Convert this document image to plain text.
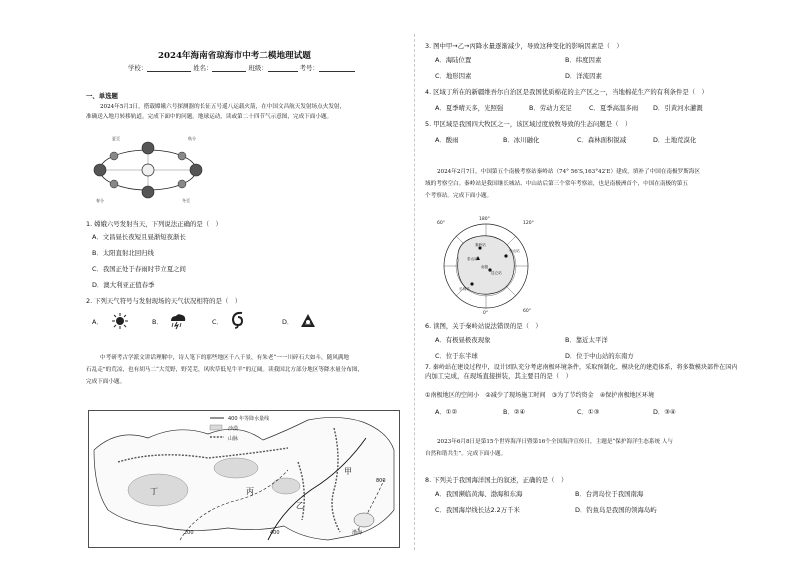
2024年海南省琼海市中考二模地理试题
学校：	姓名：	班级：	考号：
一、单选题
2024年5月3日，搭载嫦娥六号探测器的长征五号遥八运载火箭，在中国文昌航天发射场点火发射，
准确送入地月转移轨道。完成下面中的问题。地球运动，读或第二十四节气示意图，完成下面小题。
夏至	秋分
冬至
春分
1. 嫦娥六号发射当天，下列说法正确的是（　）
A．文昌昼长夜短且昼渐短夜渐长
B．太阳直射北回归线
C．我国正处于春雨时节立夏之间
D．澳大利亚正值春季
2. 下列天气符号与发射现场的天气状况相符的是（　）
A．	B．	C．	D．
中考研考古学派文讲话理解中，诗人笔下的那些地区千八千景，有朱老“一一川碎石大如斗，随风满地
石乱走”的荒凉，也有胡马二“大荒野，野芜芜，风吹草低见牛羊”的辽阔。读我国北方部分地区等降水量分布图，
完成下面小题。
400 年等降水量线
沙漠
山脉
丁	丙
乙
甲
渤海
400
800
200
3. 图中甲→乙→丙降水量逐渐减少，导致这种变化的影响因素是（　）
A．海陆位置	B．纬度因素
C．地形因素	D．洋流因素
4. 区域丁所在的新疆维吾尔自治区是我国优质棉花的主产区之一，当地棉花生产的有利条件是（　）
A．夏季晴天多，光照强	B．劳动力充足	C．夏季高温多雨 D．引黄河水灌溉
5. 甲区域是我国四大牧区之一，该区域过度放牧导致的生态问题是（　）
A．酸雨	B．冰川融化	C．森林面积锐减	D．土地荒漠化
2024年2月7日，中国第五个南极考察站秦岭站（74° 56′S,163°42′E）建成，填补了中国在南极罗斯海区
域的考察空白。秦岭站是我国继长城站、中山站后第三个常年考察站，也是南极洲首个，中国在南极的第五
个考察站。完成下面小题。
60°
180°
120°
60°
0°
长城站
中山站
秦岭站
昆仑站
泰山站
南极
6. 读图，关于秦岭站说法错误的是（　）
A．有极昼极夜现象	B．靠近太平洋
C．位于东半球	D．位于中山站的东南方
7. 秦岭站在建设过程中，设计团队充分考虑南极环境条件，采取预制化、模块化的建造体系，将多数模块部件在国内
内加工完成，在现场直接拼装，其主要目的是（　）
①南极地区的空间小　②减少了现场施工时间　③为了节约资金　④保护南极地区环境
A．①②	B．②④	C．①③	D．③④
2023年6月8日是第15个世界海洋日暨第16个全国海洋宣传日，主题是“保护海洋生态系统 人与
自然和谐共生”。完成下面小题。
8. 下列关于我国海洋国土的叙述，正确的是（　）
A．我国濒临黄海、渤海和东海	B．台湾岛位于我国南海
C．我国海岸线长达2.2万千米	D．钓鱼岛是我国的领海岛屿
